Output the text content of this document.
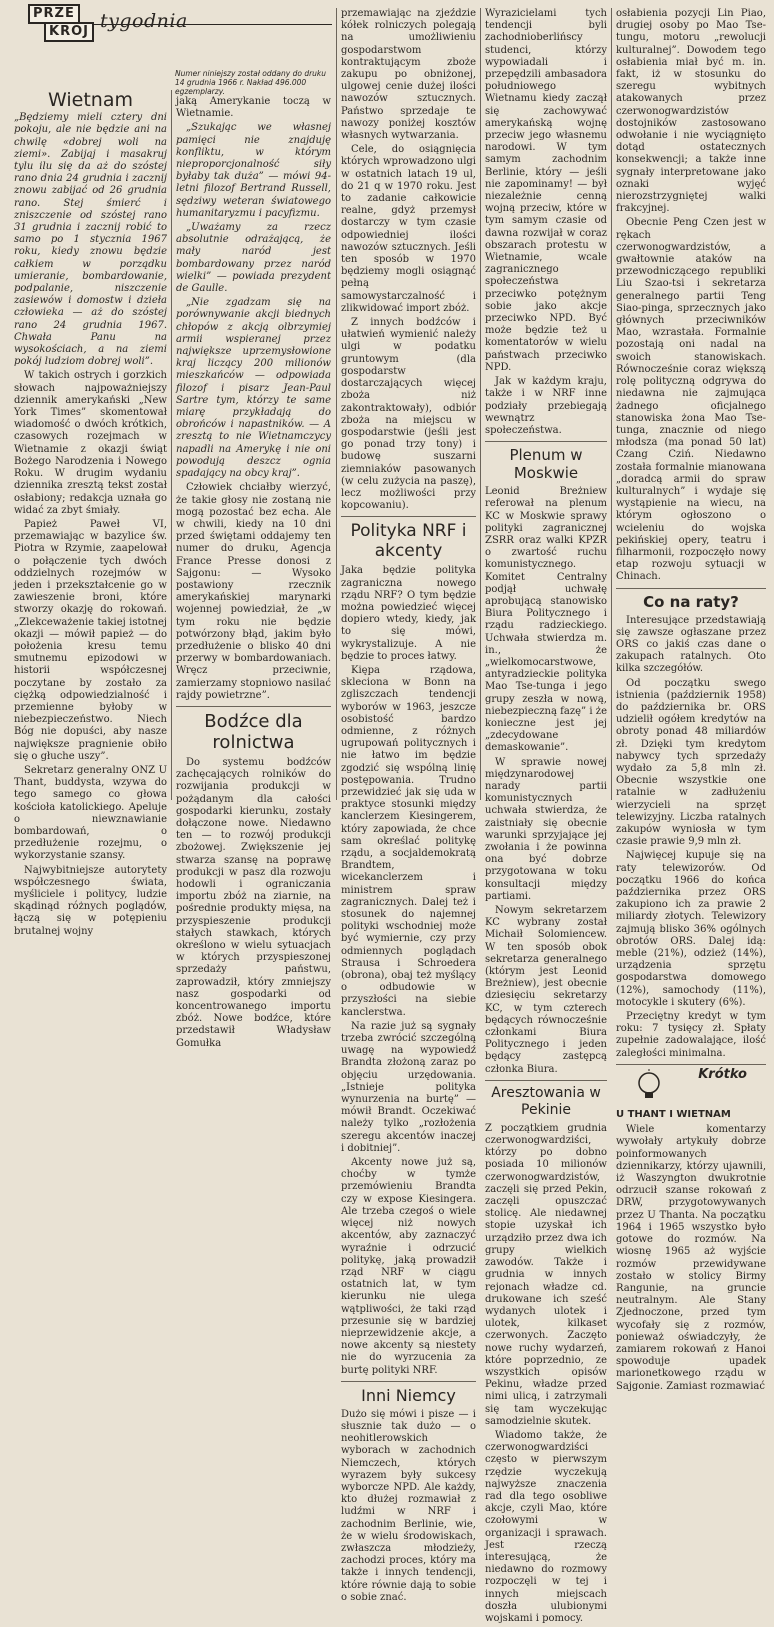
PRZE
KRÓJ tygodnia
Numer niniejszy został oddany do druku 14 grudnia 1966 r. Nakład 496.000 egzemplarzy.
Wietnam

„Będziemy mieli cztery dni pokoju, ale nie będzie ani na chwilę «dobrej woli na ziemi». Zabijaj i masakruj tylu ilu się da aż do szóstej rano dnia 24 grudnia i zacznij znowu zabijać od 26 grudnia rano. Stej śmierć i zniszczenie od szóstej rano 31 grudnia i zacznij robić to samo po 1 stycznia 1967 roku, kiedy znowu będzie całkiem w porządku umieranie, bombardowanie, podpalanie, niszczenie zasiewów i domostw i dzieła człowieka — aż do szóstej rano 24 grudnia 1967. Chwała Panu na wysokościach, a na ziemi pokój ludziom dobrej woli”.

W takich ostrych i gorzkich słowach najpoważniejszy dziennik amerykański „New York Times” skomentował wiadomość o dwóch krótkich, czasowych rozejmach w Wietnamie z okazji świąt Bożego Narodzenia i Nowego Roku. W drugim wydaniu dziennika zresztą tekst został osłabiony; redakcja uznała go widać za zbyt śmiały.

Papież Paweł VI, przemawiając w bazylice św. Piotra w Rzymie, zaapelował o połączenie tych dwóch oddzielnych rozejmów w jeden i przekształcenie go w zawieszenie broni, które stworzy okazję do rokowań. „Zlekceważenie takiej istotnej okazji — mówił papież — do położenia kresu temu smutnemu epizodowi w historii współczesnej poczytane by zostało za ciężką odpowiedzialność i przemienne byłoby w niebezpieczeństwo. Niech Bóg nie dopuści, aby nasze największe pragnienie obiło się o głuche uszy”.

Sekretarz generalny ONZ U Thant, buddysta, wzywa do tego samego co głowa kościoła katolickiego. Apeluje o niewznawianie bombardowań, o przedłużenie rozejmu, o wykorzystanie szansy.

Najwybitniejsze autorytety współczesnego świata, myśliciele i politycy, ludzie skądinąd różnych poglądów, łączą się w potępieniu brutalnej wojny

jaką Amerykanie toczą w Wietnamie.

„Szukając we własnej pamięci nie znajduję konfliktu, w którym nieproporcjonalność siły byłaby tak duża” — mówi 94-letni filozof Bertrand Russell, sędziwy weteran światowego humanitaryzmu i pacyfizmu.

„Uważamy za rzecz absolutnie odrażającą, że mały naród jest bombardowany przez naród wielki” — powiada prezydent de Gaulle.

„Nie zgadzam się na porównywanie akcji biednych chłopów z akcją olbrzymiej armii wspieranej przez największe uprzemysłowione kraj liczący 200 milionów mieszkańców — odpowiada filozof i pisarz Jean-Paul Sartre tym, którzy te same miarę przykładają do obrońców i napastników. — A zresztą to nie Wietnamczycy napadli na Amerykę i nie oni powodują deszcz ognia spadający na obcy kraj”.

Człowiek chciałby wierzyć, że takie głosy nie zostaną nie mogą pozostać bez echa. Ale w chwili, kiedy na 10 dni przed świętami oddajemy ten numer do druku, Agencja France Presse donosi z Sajgonu: — Wysoko postawiony rzecznik amerykańskiej marynarki wojennej powiedział, że „w tym roku nie będzie potwórzony błąd, jakim było przedłużenie o blisko 40 dni przerwy w bombardowaniach. Wręcz przeciwnie, zamierzamy stopniowo nasilać rajdy powietrzne”.

Bodźce dla rolnictwa

Do systemu bodźców zachęcających rolników do rozwijania produkcji w pożądanym dla całości gospodarki kierunku, zostały dołączone nowe. Niedawno ten — to rozwój produkcji zbożowej. Zwiększenie jej stwarza szansę na poprawę produkcji w pasz dla rozwoju hodowli i ograniczania importu zbóż na ziarnie, na pośrednie produkty mięsa, na przyspieszenie produkcji stałych stawkach, których określono w wielu sytuacjach w których przyspieszonej sprzedaży państwu, zaprowadził, który zmniejszy nasz gospodarki od koncentrowanego importu zbóż. Nowe bodźce, które przedstawił Władysław Gomułka

przemawiając na zjeździe kółek rolniczych polegają na umożliwieniu gospodarstwom kontraktującym zboże zakupu po obniżonej, ulgowej cenie dużej ilości nawozów sztucznych. Państwo sprzedaje te nawozy poniżej kosztów własnych wytwarzania.

Cele, do osiągnięcia których wprowadzono ulgi w ostatnich latach 19 ul, do 21 q w 1970 roku. Jest to zadanie całkowicie realne, gdyż przemysł dostarczy w tym czasie odpowiedniej ilości nawozów sztucznych. Jeśli ten sposób w 1970 będziemy mogli osiągnąć pełną samowystarczalność i zlikwidować import zbóż.

Z innych bodźców i ułatwień wymienić należy ulgi w podatku gruntowym (dla gospodarstw dostarczających więcej zboża niż zakontraktowały), odbiór zboża na miejscu w gospodarstwie (jeśli jest go ponad trzy tony) i budowę suszarni ziemniaków pasowanych (w celu zużycia na paszę), lecz możliwości przy kopcowaniu).

Polityka NRF i akcenty

Jaka będzie polityka zagraniczna nowego rządu NRF? O tym będzie można powiedzieć więcej dopiero wtedy, kiedy, jak to się mówi, wykrystalizuje. A nie będzie to proces łatwy.

Kiępa rządowa, skleciona w Bonn na zgliszczach tendencji wyborów w 1963, jeszcze osobistość bardzo odmienne, z różnych ugrupowań politycznych i nie łatwo im będzie zgodzić się wspólną linię postępowania. Trudno przewidzieć jak się uda w praktyce stosunki między kanclerzem Kiesingerem, który zapowiada, że chce sam określać politykę rządu, a socjaldemokratą Brandtem, wicekanclerzem i ministrem spraw zagranicznych. Dalej też i stosunek do najemnej polityki wschodniej może być wymiernie, czy przy odmiennych poglądach Strausa i Schroedera (obrona), obaj też myślący o odbudowie w przyszłości na siebie kanclerstwa.

Na razie już są sygnały trzeba zwrócić szczególną uwagę na wypowiedź Brandta złożoną zaraz po objęciu urzędowania. „Istnieje polityka wynurzenia na burtę” — mówił Brandt. Oczekiwać należy tylko „rozłożenia szeregu akcentów inaczej i dobitniej”.

Akcenty nowe już są, choćby w tymże przemówieniu Brandta czy w expose Kiesingera. Ale trzeba czegoś o wiele więcej niż nowych akcentów, aby zaznaczyć wyraźnie i odrzucić politykę, jaką prowadził rząd NRF w ciągu ostatnich lat, w tym kierunku nie ulega wątpliwości, że taki rząd przesunie się w bardziej nieprzewidzenie akcje, a nowe akcenty są niestety nie do wyrzucenia za burtę polityki NRF.

Inni Niemcy

Dużo się mówi i pisze — i słusznie tak dużo — o neohitlerowskich wyborach w zachodnich Niemczech, których wyrazem były sukcesy wyborcze NPD. Ale każdy, kto dłużej rozmawiał z ludźmi w NRF i zachodnim Berlinie, wie, że w wielu środowiskach, zwłaszcza młodzieży, zachodzi proces, który ma także i innych tendencji, które równie dają to sobie o sobie znać.

Wyrazicielami tych tendencji byli zachodnioberlińscy studenci, którzy wypowiadali i przepędzili ambasadora południowego Wietnamu kiedy zaczął się zachowywać amerykańską wojnę przeciw jego własnemu narodowi. W tym samym zachodnim Berlinie, który — jeśli nie zapominamy! — był niezależnie cenną wojną przeciw, które w tym samym czasie od dawna rozwijał w coraz obszarach protestu w Wietnamie, wcale zagranicznego społeczeństwa przeciwko potężnym sobie jako akcje przeciwko NPD. Być może będzie też u komentatorów w wielu państwach przeciwko NPD.

Jak w każdym kraju, także i w NRF inne podziały przebiegają wewnątrz społeczeństwa.

Plenum w Moskwie

Leonid Breżniew referował na plenum KC w Moskwie sprawy polityki zagranicznej ZSRR oraz walki KPZR o zwartość ruchu komunistycznego. Komitet Centralny podjął uchwałę aprobującą stanowisko Biura Politycznego i rządu radzieckiego. Uchwała stwierdza m. in., że „wielkomocarstwowe, antyradzieckie polityka Mao Tse-tunga i jego grupy zeszła w nową, niebezpieczną fazę” i że konieczne jest jej „zdecydowane demaskowanie”.

W sprawie nowej międzynarodowej narady partii komunistycznych uchwała stwierdza, że zaistniały się obecnie warunki sprzyjające jej zwołania i że powinna ona być dobrze przygotowana w toku konsultacji między partiami.

Nowym sekretarzem KC wybrany został Michaił Solomiencew. W ten sposób obok sekretarza generalnego (którym jest Leonid Breżniew), jest obecnie dziesięciu sekretarzy KC, w tym czterech będących równocześnie członkami Biura Politycznego i jeden będący zastępcą członka Biura.

Aresztowania w Pekinie

Z początkiem grudnia czerwonogwardziści, którzy po dobno posiada 10 milionów czerwonogwardzistów, zaczęli się przed Pekin, zaczęli opuszczać stolicę. Ale niedawnej stopie uzyskał ich urządziło przez dwa ich grupy wielkich zawodów. Także i grudnia w innych rejonach władze cd. drukowane ich sześć wydanych ulotek i ulotek, kilkaset czerwonych. Zaczęto nowe ruchy wydarzeń, które poprzednio, ze wszystkich opisów Pekinu, władze przed nimi ulicą, i zatrzymali się tam wyczekując samodzielnie skutek.

Wiadomo także, że czerwonogwardziści często w pierwszym rzędzie wyczekują najwyższe znaczenia rad dla tego osobliwe akcje, czyli Mao, które czołowymi w organizacji i sprawach. Jest rzeczą interesującą, że niedawno do rozmowy rozpoczęli w tej i innych miejscach doszła ulubionymi wojskami i pomocy.

osłabienia pozycji Lin Piao, drugiej osoby po Mao Tse-tungu, motoru „rewolucji kulturalnej”. Dowodem tego osłabienia miał być m. in. fakt, iż w stosunku do szeregu wybitnych atakowanych przez czerwonogwardzistów dostojników zastosowano odwołanie i nie wyciągnięto dotąd ostatecznych konsekwencji; a także inne sygnały interpretowane jako oznaki wyjęć nierozstrzygniętej walki frakcyjnej.

Obecnie Peng Czen jest w rękach czerwonogwardzistów, a gwałtownie ataków na przewodniczącego republiki Liu Szao-tsi i sekretarza generalnego partii Teng Siao-pinga, sprzecznych jako głównych przeciwników Mao, wzrastała. Formalnie pozostają oni nadal na swoich stanowiskach. Równocześnie coraz większą rolę polityczną odgrywa do niedawna nie zajmująca żadnego oficjalnego stanowiska żona Mao Tse-tunga, znacznie od niego młodsza (ma ponad 50 lat) Czang Cziń. Niedawno została formalnie mianowana „doradcą armii do spraw kulturalnych” i wydaje się wystąpienie na wiecu, na którym ogłoszono o wcieleniu do wojska pekińskiej opery, teatru i filharmonii, rozpoczęło nowy etap rozwoju sytuacji w Chinach.

Co na raty?

Interesujące przedstawiają się zawsze ogłaszane przez ORS co jakiś czas dane o zakupach ratalnych. Oto kilka szczegółów.

Od początku swego istnienia (październik 1958) do października br. ORS udzielił ogółem kredytów na obroty ponad 48 miliardów zł. Dzięki tym kredytom nabywcy tych sprzedaży wydało za 5,8 mln zł. Obecnie wszystkie one ratalnie w zadłużeniu wierzycieli na sprzęt telewizyjny. Liczba ratalnych zakupów wyniosła w tym czasie prawie 9,9 mln zł.

Najwięcej kupuje się na raty telewizorów. Od początku 1966 do końca października przez ORS zakupiono ich za prawie 2 miliardy złotych. Telewizory zajmują blisko 36% ogólnych obrotów ORS. Dalej idą: meble (21%), odzież (14%), urządzenia sprzętu gospodarstwa domowego (12%), samochody (11%), motocykle i skutery (6%).

Przeciętny kredyt w tym roku: 7 tysięcy zł. Spłaty zupełnie zadowalające, ilość zaległości minimalna.

Krótko
U THANT I WIETNAM

Wiele komentarzy wywołały artykuły dobrze poinformowanych dziennikarzy, którzy ujawnili, iż Waszyngton dwukrotnie odrzucił szanse rokowań z DRW, przygotowywanych przez U Thanta. Na początku 1964 i 1965 wszystko było gotowe do rozmów. Na wiosnę 1965 aż wyjście rozmów przewidywane zostało w stolicy Birmy Rangunie, na gruncie neutralnym. Ale Stany Zjednoczone, przed tym wycofały się z rozmów, ponieważ oświadczyły, że zamiarem rokowań z Hanoi spowoduje upadek marionetkowego rządu w Sajgonie. Zamiast rozmawiać
